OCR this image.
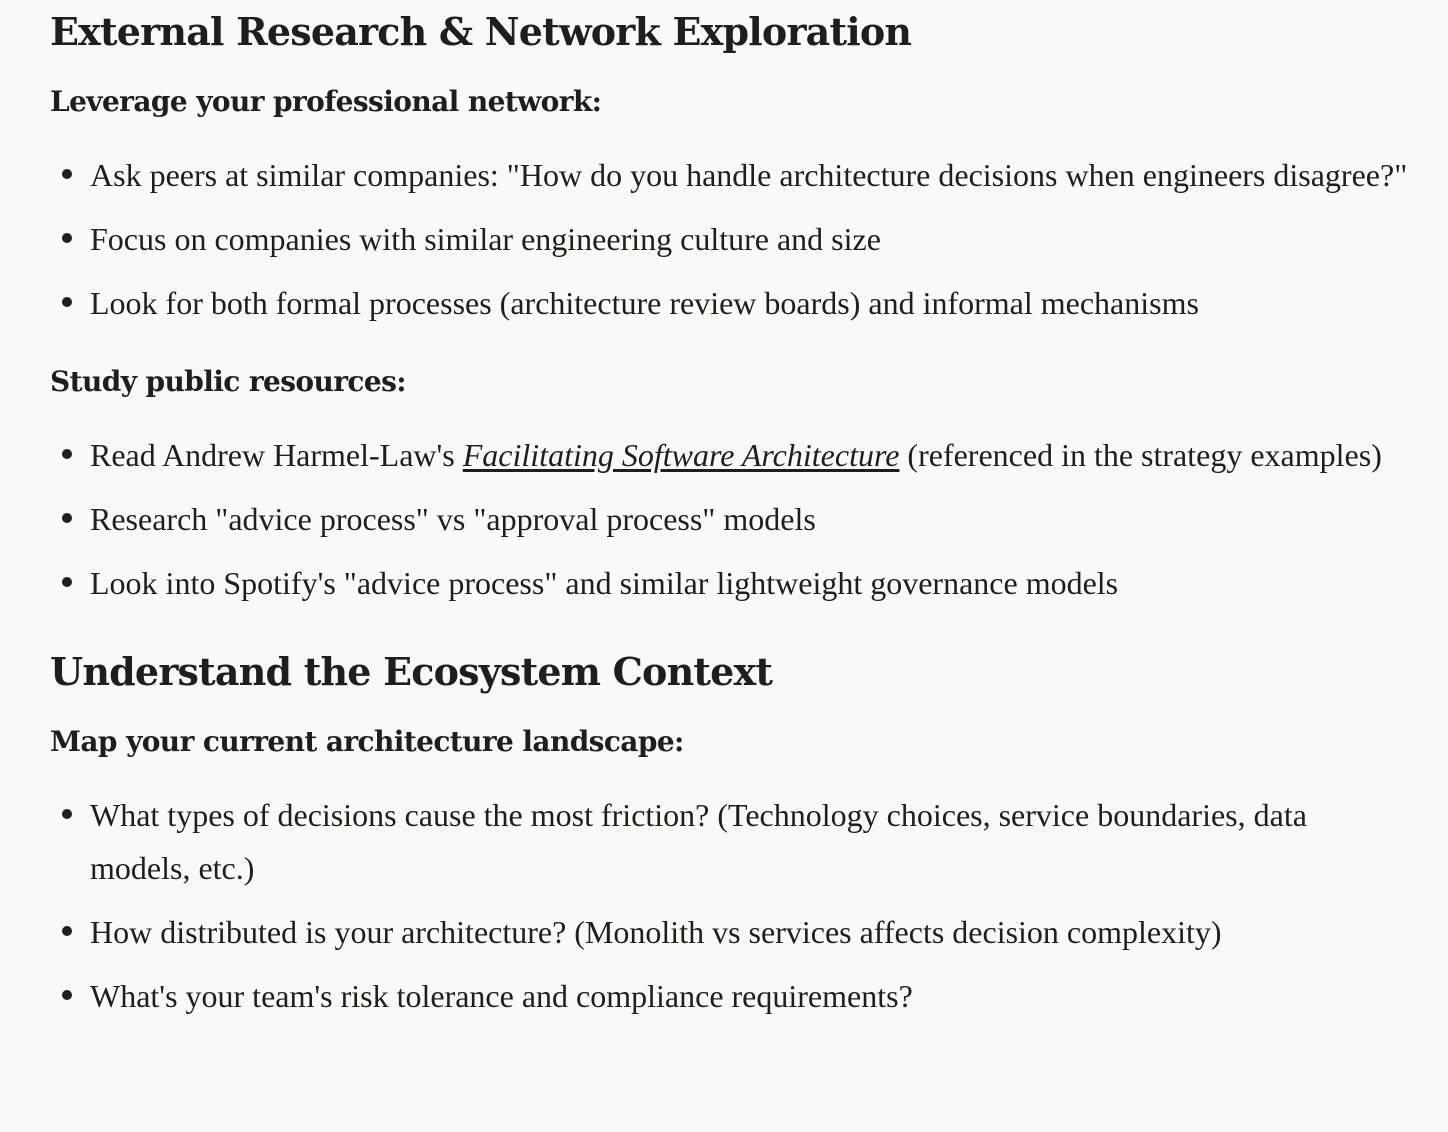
External Research & Network Exploration
Leverage your professional network:
Ask peers at similar companies: "How do you handle architecture decisions when engineers disagree?"
Focus on companies with similar engineering culture and size
Look for both formal processes (architecture review boards) and informal mechanisms
Study public resources:
Read Andrew Harmel-Law's Facilitating Software Architecture (referenced in the strategy examples)
Research "advice process" vs "approval process" models
Look into Spotify's "advice process" and similar lightweight governance models
Understand the Ecosystem Context
Map your current architecture landscape:
What types of decisions cause the most friction? (Technology choices, service boundaries, data models, etc.)
How distributed is your architecture? (Monolith vs services affects decision complexity)
What's your team's risk tolerance and compliance requirements?
